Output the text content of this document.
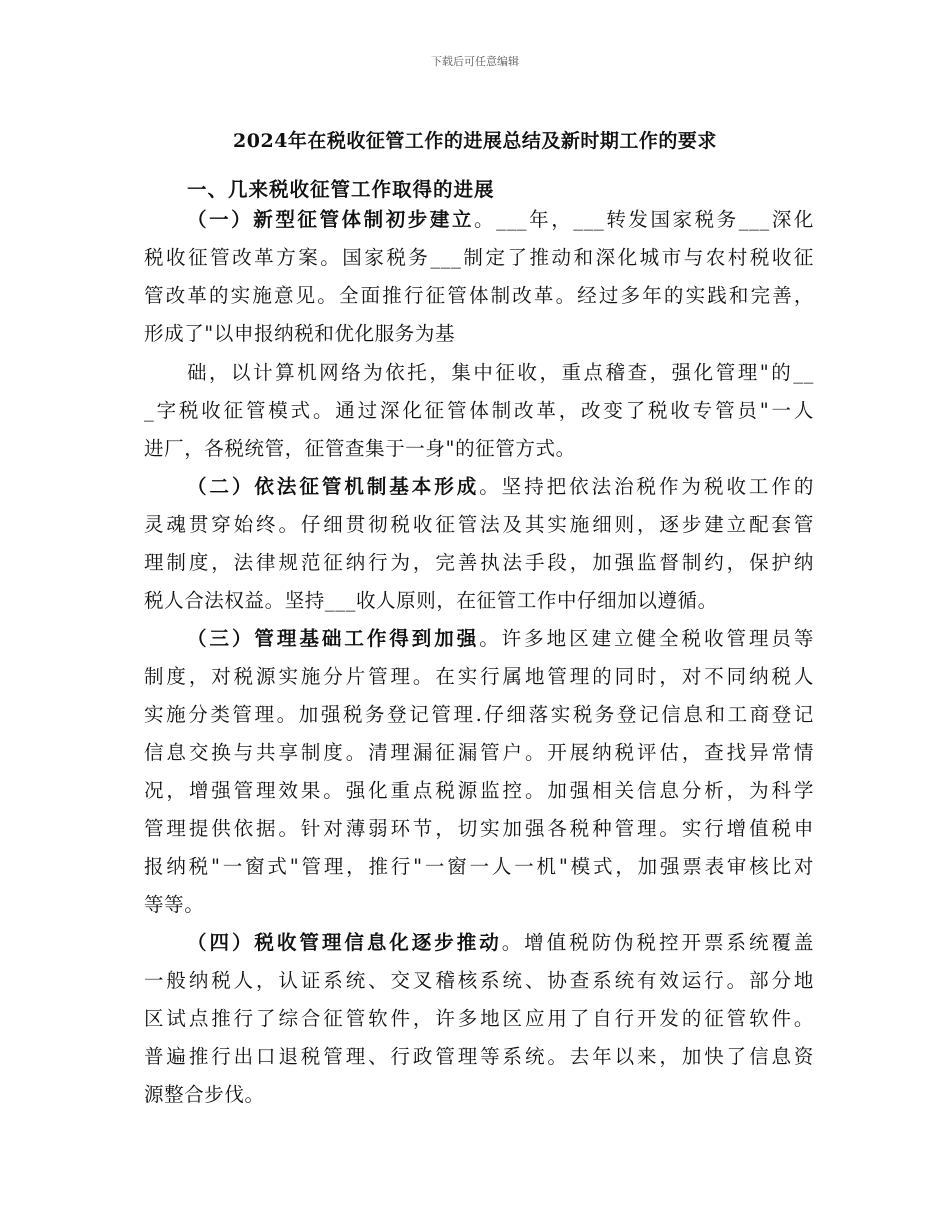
下载后可任意编辑
2024年在税收征管工作的进展总结及新时期工作的要求
一、几来税收征管工作取得的进展
（一）新型征管体制初步建立。___年，___转发国家税务___深化
税收征管改革方案。国家税务___制定了推动和深化城市与农村税收征
管改革的实施意见。全面推行征管体制改革。经过多年的实践和完善，
形成了"以申报纳税和优化服务为基
础，以计算机网络为依托，集中征收，重点稽查，强化管理"的__
_字税收征管模式。通过深化征管体制改革，改变了税收专管员"一人
进厂，各税统管，征管查集于一身"的征管方式。
（二）依法征管机制基本形成。坚持把依法治税作为税收工作的
灵魂贯穿始终。仔细贯彻税收征管法及其实施细则，逐步建立配套管
理制度，法律规范征纳行为，完善执法手段，加强监督制约，保护纳
税人合法权益。坚持___收人原则，在征管工作中仔细加以遵循。
（三）管理基础工作得到加强。许多地区建立健全税收管理员等
制度，对税源实施分片管理。在实行属地管理的同时，对不同纳税人
实施分类管理。加强税务登记管理.仔细落实税务登记信息和工商登记
信息交换与共享制度。清理漏征漏管户。开展纳税评估，查找异常情
况，增强管理效果。强化重点税源监控。加强相关信息分析，为科学
管理提供依据。针对薄弱环节，切实加强各税种管理。实行增值税申
报纳税"一窗式"管理，推行"一窗一人一机"模式，加强票表审核比对
等等。
（四）税收管理信息化逐步推动。增值税防伪税控开票系统覆盖
一般纳税人，认证系统、交叉稽核系统、协查系统有效运行。部分地
区试点推行了综合征管软件，许多地区应用了自行开发的征管软件。
普遍推行出口退税管理、行政管理等系统。去年以来，加快了信息资
源整合步伐。
